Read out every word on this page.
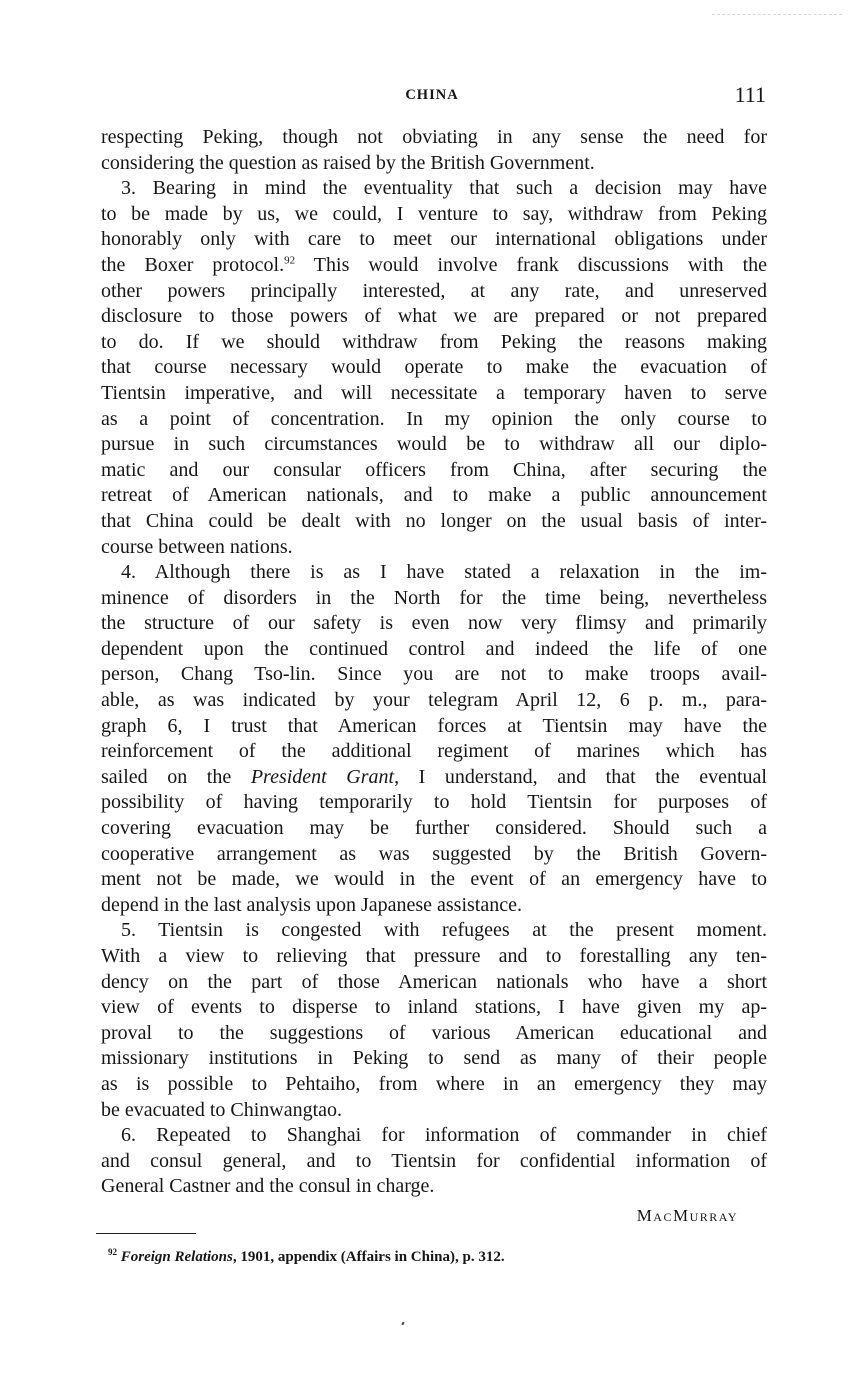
CHINA	111

respecting Peking, though not obviating in any sense the need for
considering the question as raised by the British Government.

3. Bearing in mind the eventuality that such a decision may have
to be made by us, we could, I venture to say, withdraw from Peking
honorably only with care to meet our international obligations under
the Boxer protocol.$^{92}$ This would involve frank discussions with the
other powers principally interested, at any rate, and unreserved
disclosure to those powers of what we are prepared or not prepared
to do. If we should withdraw from Peking the reasons making
that course necessary would operate to make the evacuation of
Tientsin imperative, and will necessitate a temporary haven to serve
as a point of concentration. In my opinion the only course to
pursue in such circumstances would be to withdraw all our diplo-
matic and our consular officers from China, after securing the
retreat of American nationals, and to make a public announcement
that China could be dealt with no longer on the usual basis of inter-
course between nations.

4. Although there is as I have stated a relaxation in the im-
minence of disorders in the North for the time being, nevertheless
the structure of our safety is even now very flimsy and primarily
dependent upon the continued control and indeed the life of one
person, Chang Tso-lin. Since you are not to make troops avail-
able, as was indicated by your telegram April 12, 6 p. m., para-
graph 6, I trust that American forces at Tientsin may have the
reinforcement of the additional regiment of marines which has
sailed on the President Grant, I understand, and that the eventual
possibility of having temporarily to hold Tientsin for purposes of
covering evacuation may be further considered. Should such a
cooperative arrangement as was suggested by the British Govern-
ment not be made, we would in the event of an emergency have to
depend in the last analysis upon Japanese assistance.

5. Tientsin is congested with refugees at the present moment.
With a view to relieving that pressure and to forestalling any ten-
dency on the part of those American nationals who have a short
view of events to disperse to inland stations, I have given my ap-
proval to the suggestions of various American educational and
missionary institutions in Peking to send as many of their people
as is possible to Pehtaiho, from where in an emergency they may
be evacuated to Chinwangtao.

6. Repeated to Shanghai for information of commander in chief
and consul general, and to Tientsin for confidential information of
General Castner and the consul in charge.

MacMurray
$^{92}$ Foreign Relations, 1901, appendix (Affairs in China), p. 312.
